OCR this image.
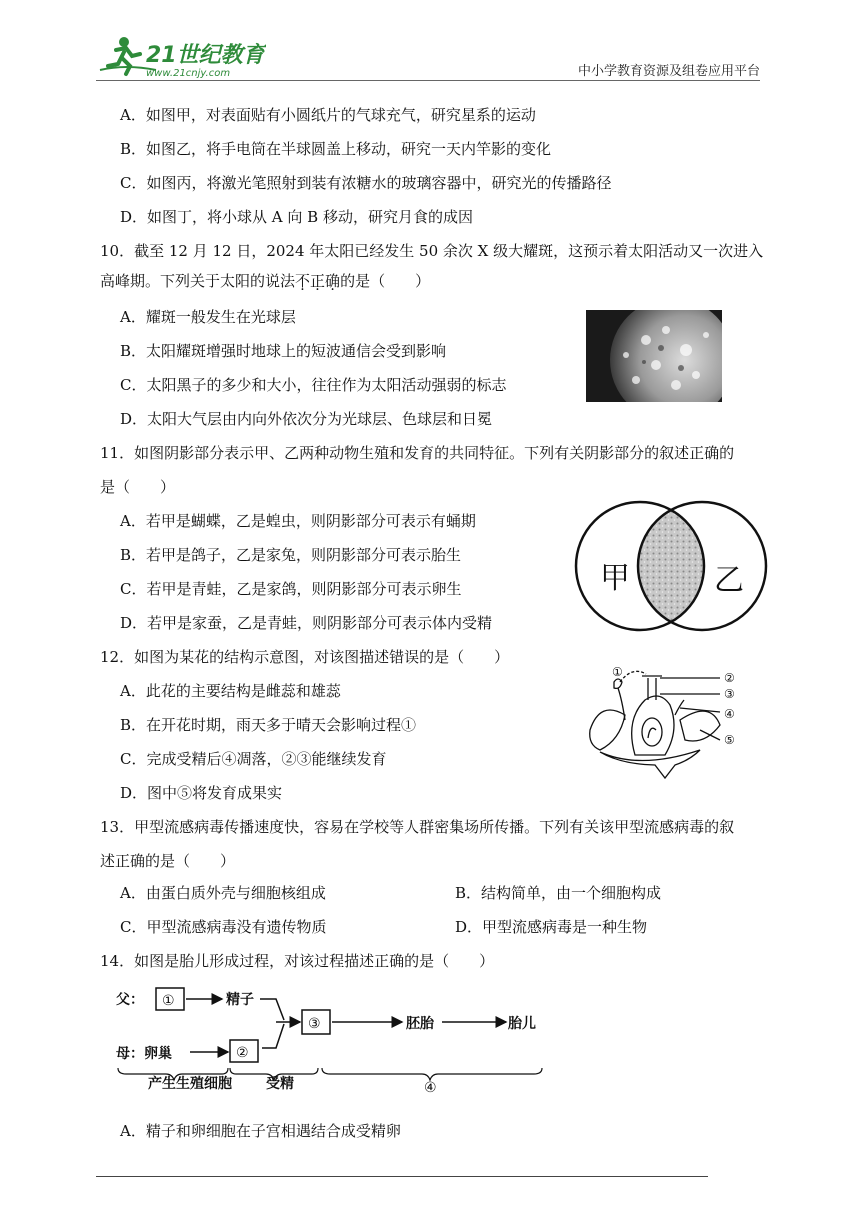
21世纪教育
www.21cnjy.com	中小学教育资源及组卷应用平台
A．如图甲，对表面贴有小圆纸片的气球充气，研究星系的运动
B．如图乙，将手电筒在半球圆盖上移动，研究一天内竿影的变化
C．如图丙，将激光笔照射到装有浓糖水的玻璃容器中，研究光的传播路径
D．如图丁，将小球从 A 向 B 移动，研究月食的成因
10．截至 12 月 12 日，2024 年太阳已经发生 50 余次 X 级大耀斑，这预示着太阳活动又一次进入
高峰期。下列关于太阳的说法不正确的是（　　）
A．耀斑一般发生在光球层
B．太阳耀斑增强时地球上的短波通信会受到影响
C．太阳黑子的多少和大小，往往作为太阳活动强弱的标志
D．太阳大气层由内向外依次分为光球层、色球层和日冕
11．如图阴影部分表示甲、乙两种动物生殖和发育的共同特征。下列有关阴影部分的叙述正确的
是（　　）
A．若甲是蝴蝶，乙是蝗虫，则阴影部分可表示有蛹期
B．若甲是鸽子，乙是家兔，则阴影部分可表示胎生
C．若甲是青蛙，乙是家鸽，则阴影部分可表示卵生
D．若甲是家蚕，乙是青蛙，则阴影部分可表示体内受精
甲	乙
12．如图为某花的结构示意图，对该图描述错误的是（　　）
A．此花的主要结构是雌蕊和雄蕊
B．在开花时期，雨天多于晴天会影响过程①
C．完成受精后④凋落，②③能继续发育
D．图中⑤将发育成果实
①	②
③
④
⑤
13．甲型流感病毒传播速度快，容易在学校等人群密集场所传播。下列有关该甲型流感病毒的叙
述正确的是（　　）
A．由蛋白质外壳与细胞核组成	B．结构简单，由一个细胞构成
C．甲型流感病毒没有遗传物质	D．甲型流感病毒是一种生物
14．如图是胎儿形成过程，对该过程描述正确的是（　　）
父：
母：卵巢
精子
胚胎	胎儿
产生生殖细胞 受精
①
②
③
④
A．精子和卵细胞在子宫相遇结合成受精卵
